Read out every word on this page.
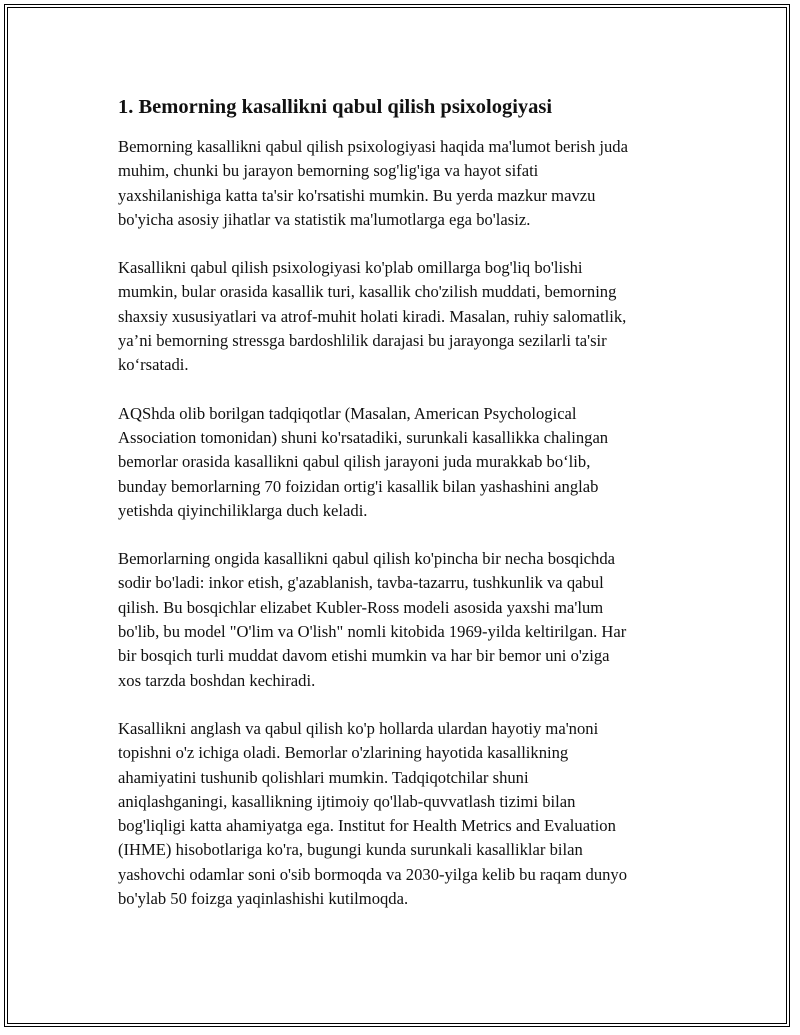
1. Bemorning kasallikni qabul qilish psixologiyasi

Bemorning kasallikni qabul qilish psixologiyasi haqida ma'lumot berish juda
muhim, chunki bu jarayon bemorning sog'lig'iga va hayot sifati
yaxshilanishiga katta ta'sir ko'rsatishi mumkin. Bu yerda mazkur mavzu
bo'yicha asosiy jihatlar va statistik ma'lumotlarga ega bo'lasiz.

Kasallikni qabul qilish psixologiyasi ko'plab omillarga bog'liq bo'lishi
mumkin, bular orasida kasallik turi, kasallik cho'zilish muddati, bemorning
shaxsiy xususiyatlari va atrof-muhit holati kiradi. Masalan, ruhiy salomatlik,
ya’ni bemorning stressga bardoshlilik darajasi bu jarayonga sezilarli ta'sir
ko‘rsatadi.

AQShda olib borilgan tadqiqotlar (Masalan, American Psychological
Association tomonidan) shuni ko'rsatadiki, surunkali kasallikka chalingan
bemorlar orasida kasallikni qabul qilish jarayoni juda murakkab bo‘lib,
bunday bemorlarning 70 foizidan ortig'i kasallik bilan yashashini anglab
yetishda qiyinchiliklarga duch keladi.

Bemorlarning ongida kasallikni qabul qilish ko'pincha bir necha bosqichda
sodir bo'ladi: inkor etish, g'azablanish, tavba-tazarru, tushkunlik va qabul
qilish. Bu bosqichlar elizabet Kubler-Ross modeli asosida yaxshi ma'lum
bo'lib, bu model "O'lim va O'lish" nomli kitobida 1969-yilda keltirilgan. Har
bir bosqich turli muddat davom etishi mumkin va har bir bemor uni o'ziga
xos tarzda boshdan kechiradi.

Kasallikni anglash va qabul qilish ko'p hollarda ulardan hayotiy ma'noni
topishni o'z ichiga oladi. Bemorlar o'zlarining hayotida kasallikning
ahamiyatini tushunib qolishlari mumkin. Tadqiqotchilar shuni
aniqlashganingi, kasallikning ijtimoiy qo'llab-quvvatlash tizimi bilan
bog'liqligi katta ahamiyatga ega. Institut for Health Metrics and Evaluation
(IHME) hisobotlariga ko'ra, bugungi kunda surunkali kasalliklar bilan
yashovchi odamlar soni o'sib bormoqda va 2030-yilga kelib bu raqam dunyo
bo'ylab 50 foizga yaqinlashishi kutilmoqda.
